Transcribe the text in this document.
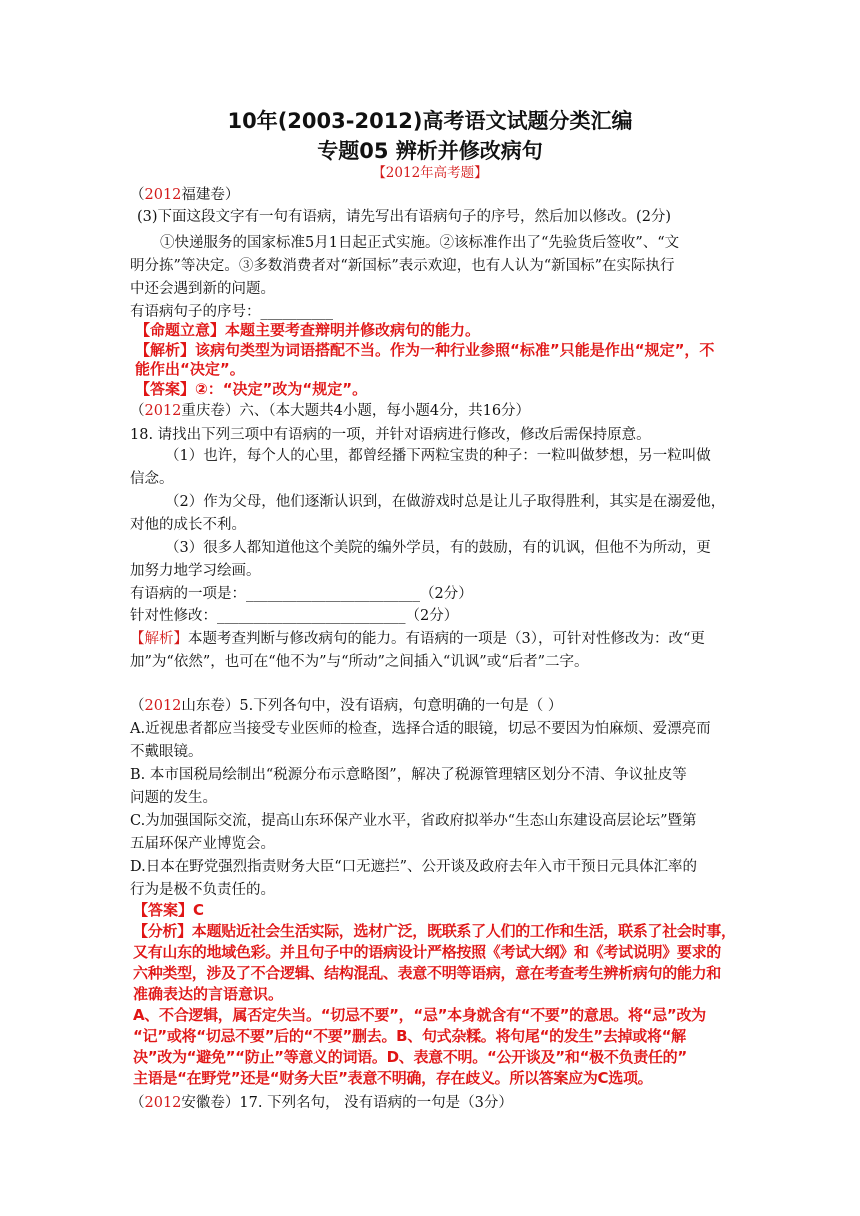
10年(2003-2012)高考语文试题分类汇编
专题05 辨析并修改病句
【2012年高考题】
（2012福建卷）
(3)下面这段文字有一句有语病，请先写出有语病句子的序号，然后加以修改。(2分)
①快递服务的国家标准5月1日起正式实施。②该标准作出了“先验货后签收”、“文
明分拣”等决定。③多数消费者对“新国标”表示欢迎，也有人认为“新国标”在实际执行
中还会遇到新的问题。
有语病句子的序号：__________
【命题立意】本题主要考查辩明并修改病句的能力。
【解析】该病句类型为词语搭配不当。作为一种行业参照“标准”只能是作出“规定”，不
能作出“决定”。
【答案】②：“决定”改为“规定”。
（2012重庆卷）六、（本大题共4小题，每小题4分，共16分）
18. 请找出下列三项中有语病的一项，并针对语病进行修改，修改后需保持原意。
（1）也许，每个人的心里，都曾经播下两粒宝贵的种子：一粒叫做梦想，另一粒叫做
信念。
（2）作为父母，他们逐渐认识到，在做游戏时总是让儿子取得胜利，其实是在溺爱他，
对他的成长不利。
（3）很多人都知道他这个美院的编外学员，有的鼓励，有的讥讽，但他不为所动，更
加努力地学习绘画。
有语病的一项是：________________________（2分）
针对性修改：__________________________（2分）
【解析】本题考查判断与修改病句的能力。有语病的一项是（3），可针对性修改为：改“更
加”为“依然”，也可在“他不为”与“所动”之间插入“讥讽”或“后者”二字。
（2012山东卷）5.下列各句中，没有语病，句意明确的一句是（ ）
A.近视患者都应当接受专业医师的检查，选择合适的眼镜，切忌不要因为怕麻烦、爱漂亮而
不戴眼镜。
B. 本市国税局绘制出“税源分布示意略图”，解决了税源管理辖区划分不清、争议扯皮等
问题的发生。
C.为加强国际交流，提高山东环保产业水平，省政府拟举办“生态山东建设高层论坛”暨第
五届环保产业博览会。
D.日本在野党强烈指责财务大臣“口无遮拦”、公开谈及政府去年入市干预日元具体汇率的
行为是极不负责任的。
【答案】C
【分析】本题贴近社会生活实际，选材广泛，既联系了人们的工作和生活，联系了社会时事，
又有山东的地域色彩。并且句子中的语病设计严格按照《考试大纲》和《考试说明》要求的
六种类型，涉及了不合逻辑、结构混乱、表意不明等语病，意在考查考生辨析病句的能力和
准确表达的言语意识。
A、不合逻辑，属否定失当。“切忌不要”，“忌”本身就含有“不要”的意思。将“忌”改为
“记”或将“切忌不要”后的“不要”删去。B、句式杂糅。将句尾“的发生”去掉或将“解
决”改为“避免”“防止”等意义的词语。D、表意不明。“公开谈及”和“极不负责任的”
主语是“在野党”还是“财务大臣”表意不明确，存在歧义。所以答案应为C选项。
（2012安徽卷）17. 下列名句， 没有语病的一句是（3分）
